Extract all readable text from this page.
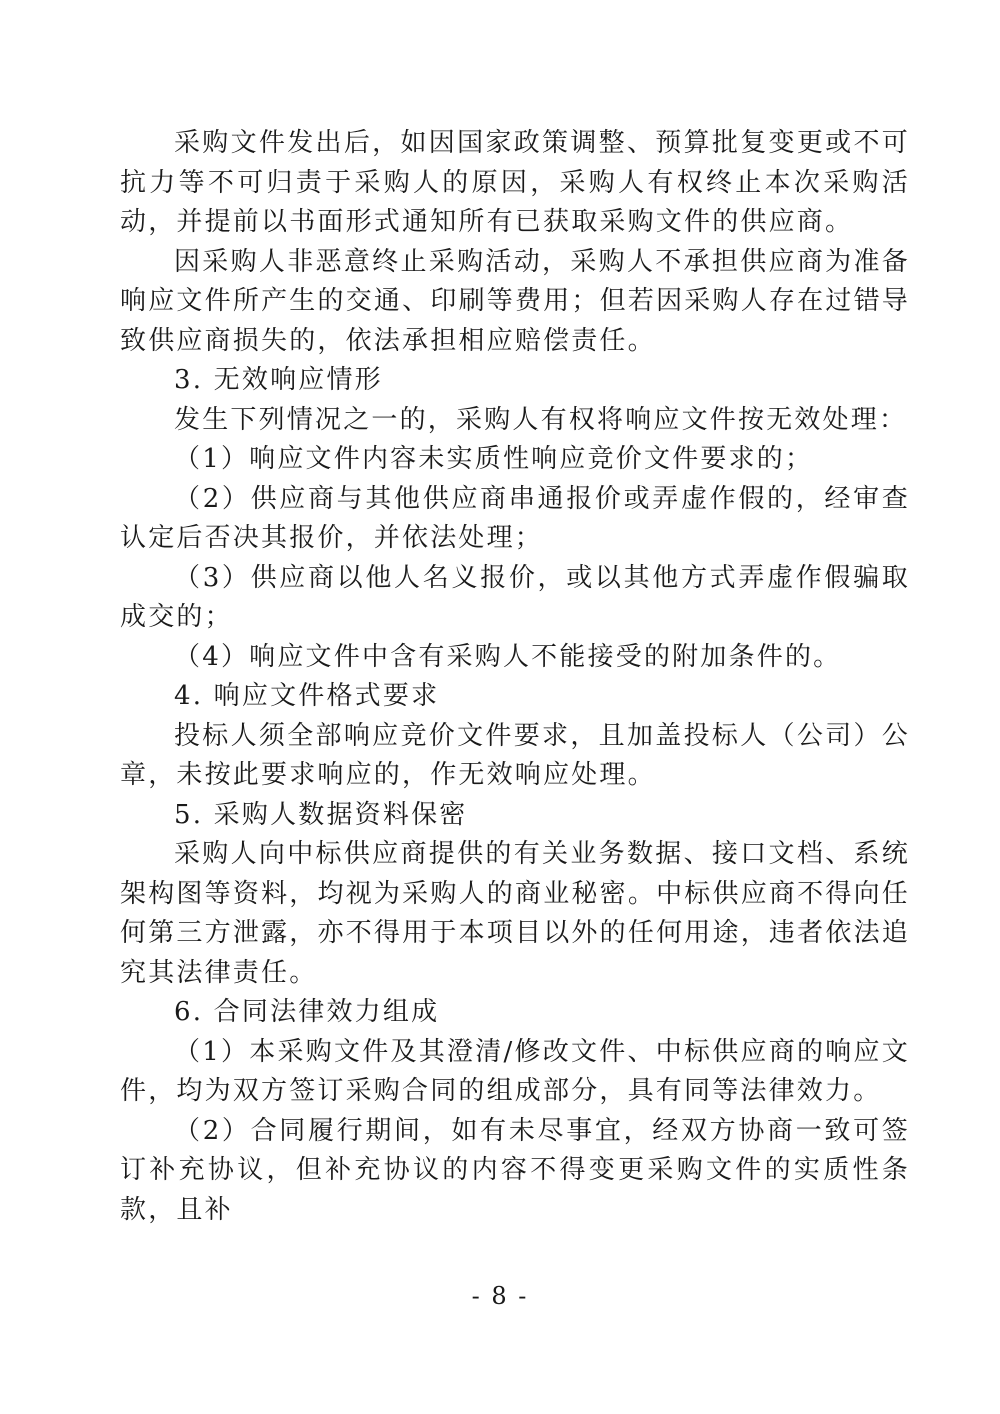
采购文件发出后，如因国家政策调整、预算批复变更或不可抗力等不可归责于采购人的原因，采购人有权终止本次采购活动，并提前以书面形式通知所有已获取采购文件的供应商。

因采购人非恶意终止采购活动，采购人不承担供应商为准备响应文件所产生的交通、印刷等费用；但若因采购人存在过错导致供应商损失的，依法承担相应赔偿责任。

3. 无效响应情形

发生下列情况之一的，采购人有权将响应文件按无效处理：

（1）响应文件内容未实质性响应竞价文件要求的；

（2）供应商与其他供应商串通报价或弄虚作假的，经审查认定后否决其报价，并依法处理；

（3）供应商以他人名义报价，或以其他方式弄虚作假骗取成交的；

（4）响应文件中含有采购人不能接受的附加条件的。

4. 响应文件格式要求

投标人须全部响应竞价文件要求，且加盖投标人（公司）公章，未按此要求响应的，作无效响应处理。

5. 采购人数据资料保密

采购人向中标供应商提供的有关业务数据、接口文档、系统架构图等资料，均视为采购人的商业秘密。中标供应商不得向任何第三方泄露，亦不得用于本项目以外的任何用途，违者依法追究其法律责任。

6. 合同法律效力组成

（1）本采购文件及其澄清/修改文件、中标供应商的响应文件，均为双方签订采购合同的组成部分，具有同等法律效力。

（2）合同履行期间，如有未尽事宜，经双方协商一致可签订补充协议，但补充协议的内容不得变更采购文件的实质性条款，且补

- 8 -
